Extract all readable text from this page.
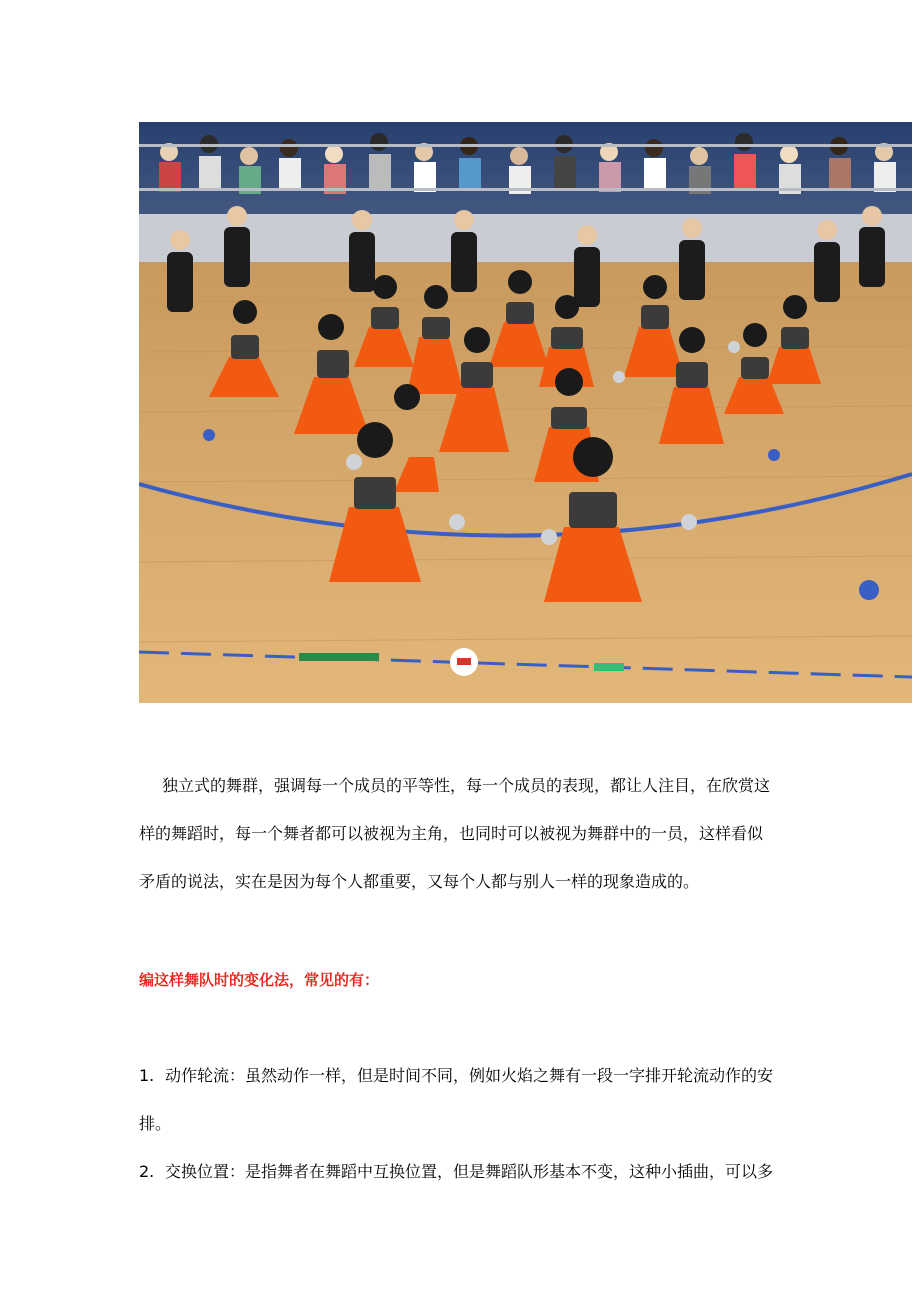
独立式的舞群，强调每一个成员的平等性，每一个成员的表现，都让人注目，在欣赏这
样的舞蹈时，每一个舞者都可以被视为主角，也同时可以被视为舞群中的一员，这样看似
矛盾的说法，实在是因为每个人都重要，又每个人都与别人一样的现象造成的。

编这样舞队时的变化法，常见的有：

1. 动作轮流：虽然动作一样，但是时间不同，例如火焰之舞有一段一字排开轮流动作的安
排。

2. 交换位置：是指舞者在舞蹈中互换位置，但是舞蹈队形基本不变，这种小插曲，可以多
